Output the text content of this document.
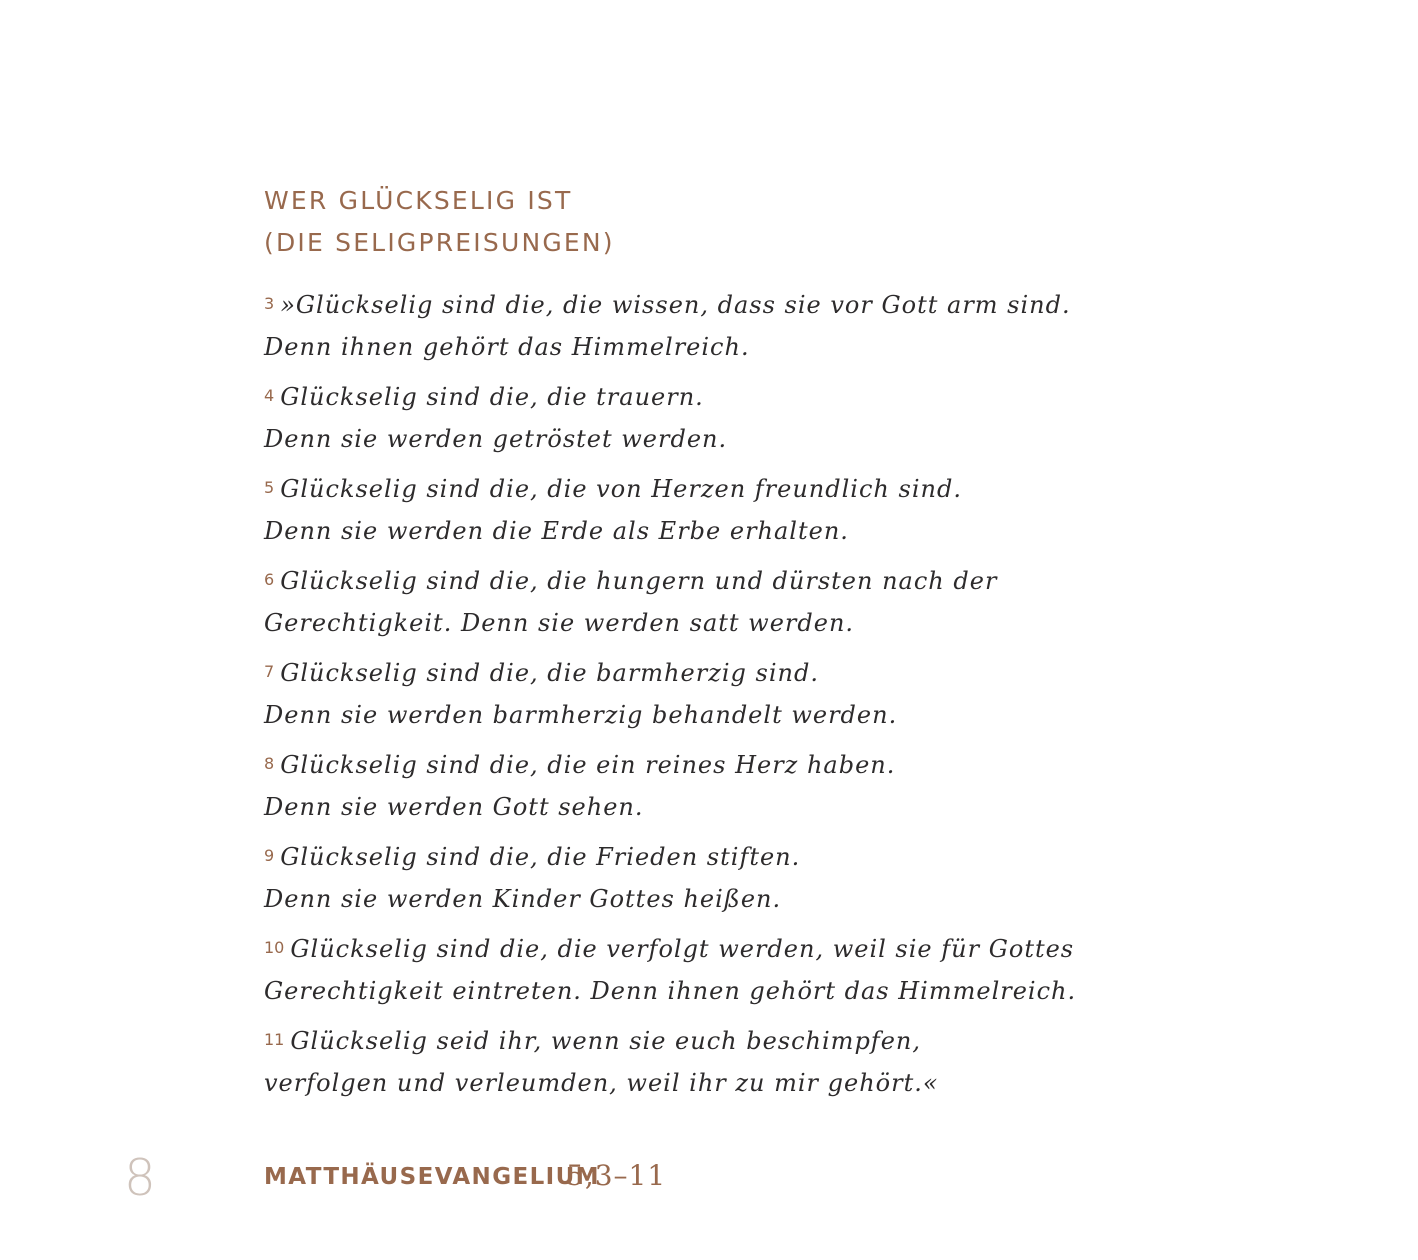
WER GLÜCKSELIG IST
(DIE SELIGPREISUNGEN)

3 »Glückselig sind die, die wissen, dass sie vor Gott arm sind.
Denn ihnen gehört das Himmelreich.

4 Glückselig sind die, die trauern.
Denn sie werden getröstet werden.

5 Glückselig sind die, die von Herzen freundlich sind.
Denn sie werden die Erde als Erbe erhalten.

6 Glückselig sind die, die hungern und dürsten nach der
Gerechtigkeit. Denn sie werden satt werden.

7 Glückselig sind die, die barmherzig sind.
Denn sie werden barmherzig behandelt werden.

8 Glückselig sind die, die ein reines Herz haben.
Denn sie werden Gott sehen.

9 Glückselig sind die, die Frieden stiften.
Denn sie werden Kinder Gottes heißen.

10 Glückselig sind die, die verfolgt werden, weil sie für Gottes
Gerechtigkeit eintreten. Denn ihnen gehört das Himmelreich.

11 Glückselig seid ihr, wenn sie euch beschimpfen,
verfolgen und verleumden, weil ihr zu mir gehört.«

8	MATTHÄUSEVANGELIUM
5,3–11
